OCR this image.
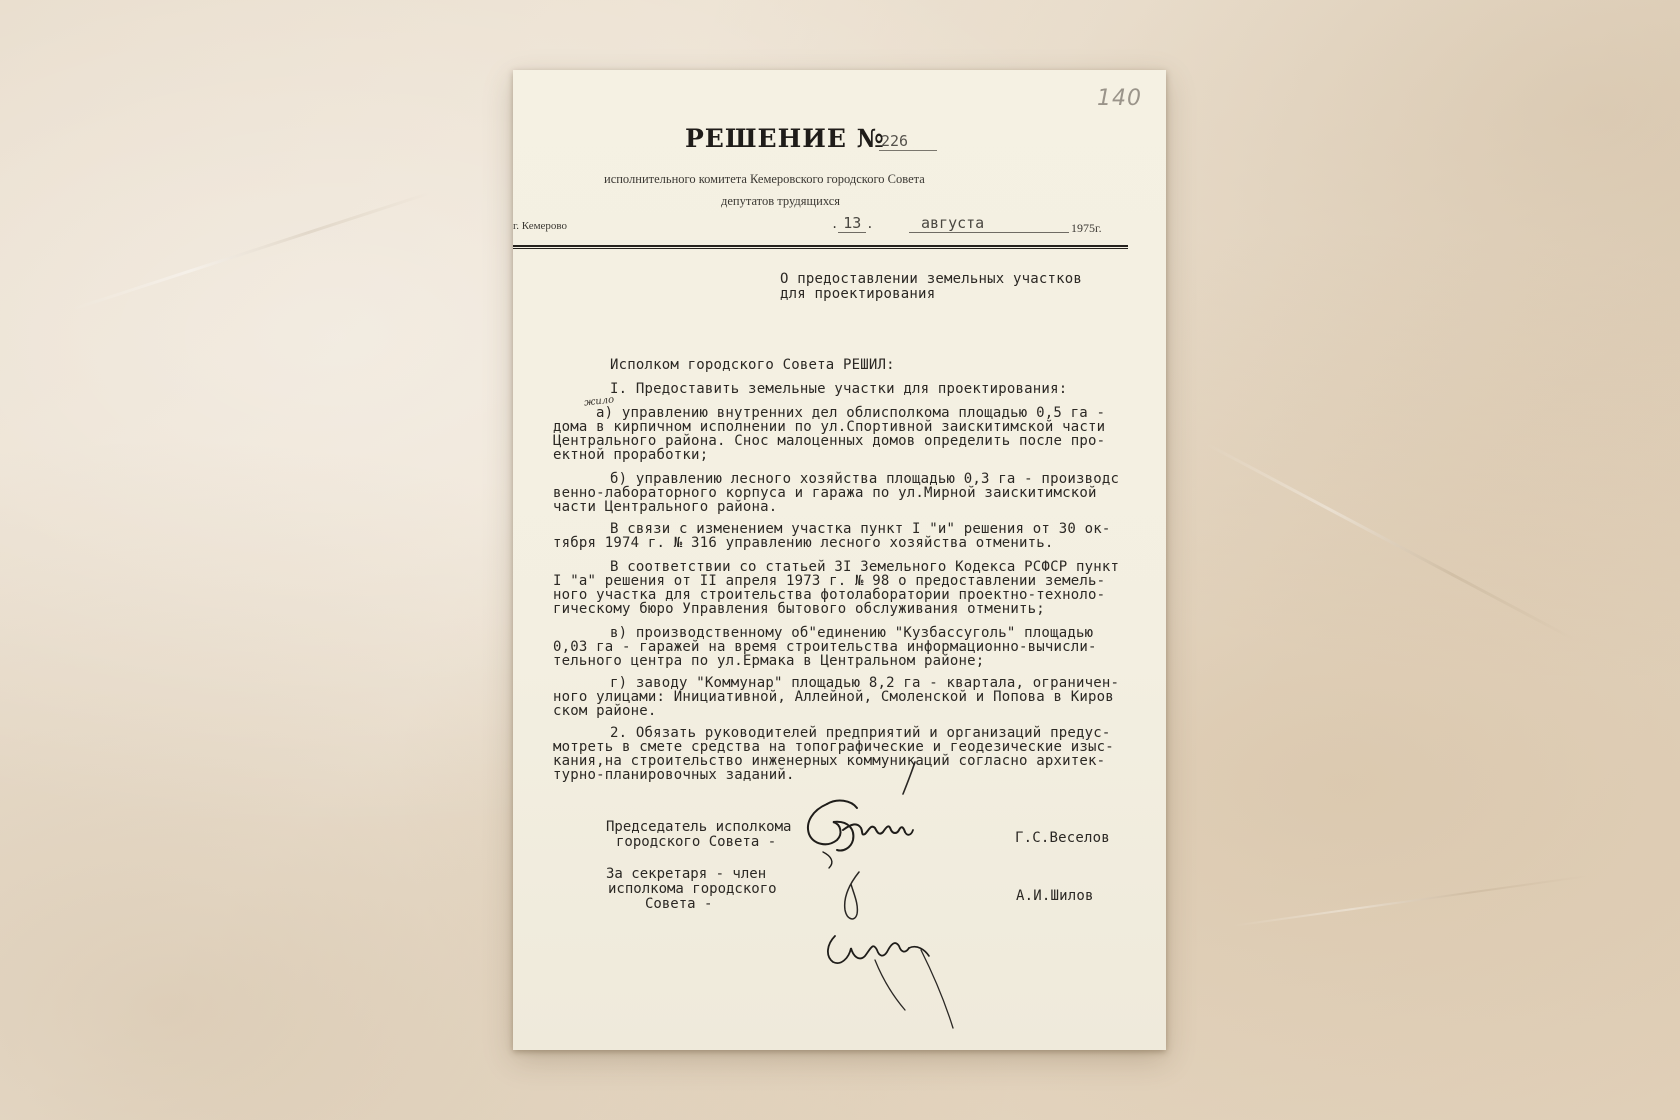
140
РЕШЕНИЕ №
226
исполнительного комитета Кемеровского городского Совета
депутатов трудящихся
г. Кемерово	. 13 .	августа	1975г.
О предоставлении земельных участков
для проектирования
Исполком городского Совета РЕШИЛ:
I. Предоставить земельные участки для проектирования:
а) управлению внутренних дел облисполкома площадью 0,5 га -
дома в кирпичном исполнении по ул.Спортивной заискитимской части
Центрального района. Снос малоценных домов определить после про-
ектной проработки;
б) управлению лесного хозяйства площадью 0,3 га - производс
венно-лабораторного корпуса и гаража по ул.Мирной заискитимской
части Центрального района.
В связи с изменением участка пункт I "и" решения от 30 ок-
тября 1974 г. № 316 управлению лесного хозяйства отменить.
В соответствии со статьей 3I Земельного Кодекса РСФСР пункт
I "а" решения от II апреля 1973 г. № 98 о предоставлении земель-
ного участка для строительства фотолаборатории проектно-техноло-
гическому бюро Управления бытового обслуживания отменить;
в) производственному об"единению "Кузбассуголь" площадью
0,03 га - гаражей на время строительства информационно-вычисли-
тельного центра по ул.Ермака в Центральном районе;
г) заводу "Коммунар" площадью 8,2 га - квартала, ограничен-
ного улицами: Инициативной, Аллейной, Смоленской и Попова в Киров
ском районе.
2. Обязать руководителей предприятий и организаций предус-
мотреть в смете средства на топографические и геодезические изыс-
кания,на строительство инженерных коммуникаций согласно архитек-
турно-планировочных заданий.
жило
Председатель исполкома
городского Совета -	Г.С.Веселов
За секретаря - член
исполкома городского
Совета -	А.И.Шилов
